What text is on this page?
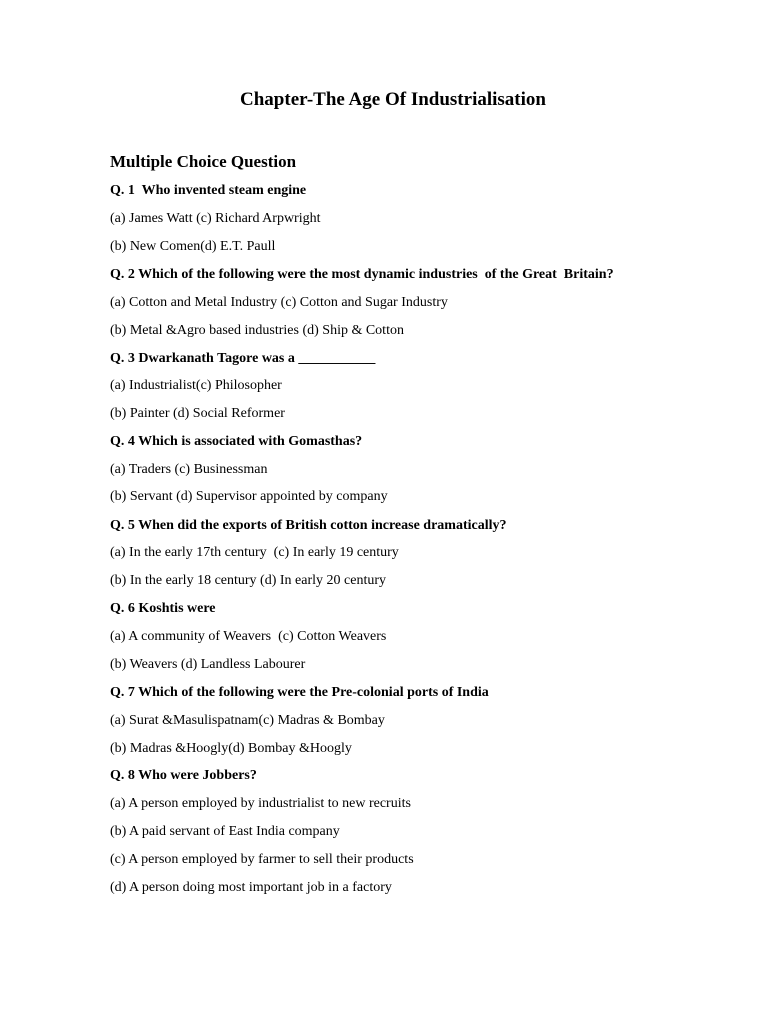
Chapter-The Age Of Industrialisation
Multiple Choice Question
Q. 1  Who invented steam engine
(a) James Watt (c) Richard Arpwright
(b) New Comen(d) E.T. Paull
Q. 2 Which of the following were the most dynamic industries  of the Great  Britain?
(a) Cotton and Metal Industry (c) Cotton and Sugar Industry
(b) Metal &Agro based industries (d) Ship & Cotton
Q. 3 Dwarkanath Tagore was a ___________
(a) Industrialist(c) Philosopher
(b) Painter (d) Social Reformer
Q. 4 Which is associated with Gomasthas?
(a) Traders (c) Businessman
(b) Servant (d) Supervisor appointed by company
Q. 5 When did the exports of British cotton increase dramatically?
(a) In the early 17th century  (c) In early 19 century
(b) In the early 18 century (d) In early 20 century
Q. 6 Koshtis were
(a) A community of Weavers  (c) Cotton Weavers
(b) Weavers (d) Landless Labourer
Q. 7 Which of the following were the Pre-colonial ports of India
(a) Surat &Masulispatnam(c) Madras & Bombay
(b) Madras &Hoogly(d) Bombay &Hoogly
Q. 8 Who were Jobbers?
(a) A person employed by industrialist to new recruits
(b) A paid servant of East India company
(c) A person employed by farmer to sell their products
(d) A person doing most important job in a factory
